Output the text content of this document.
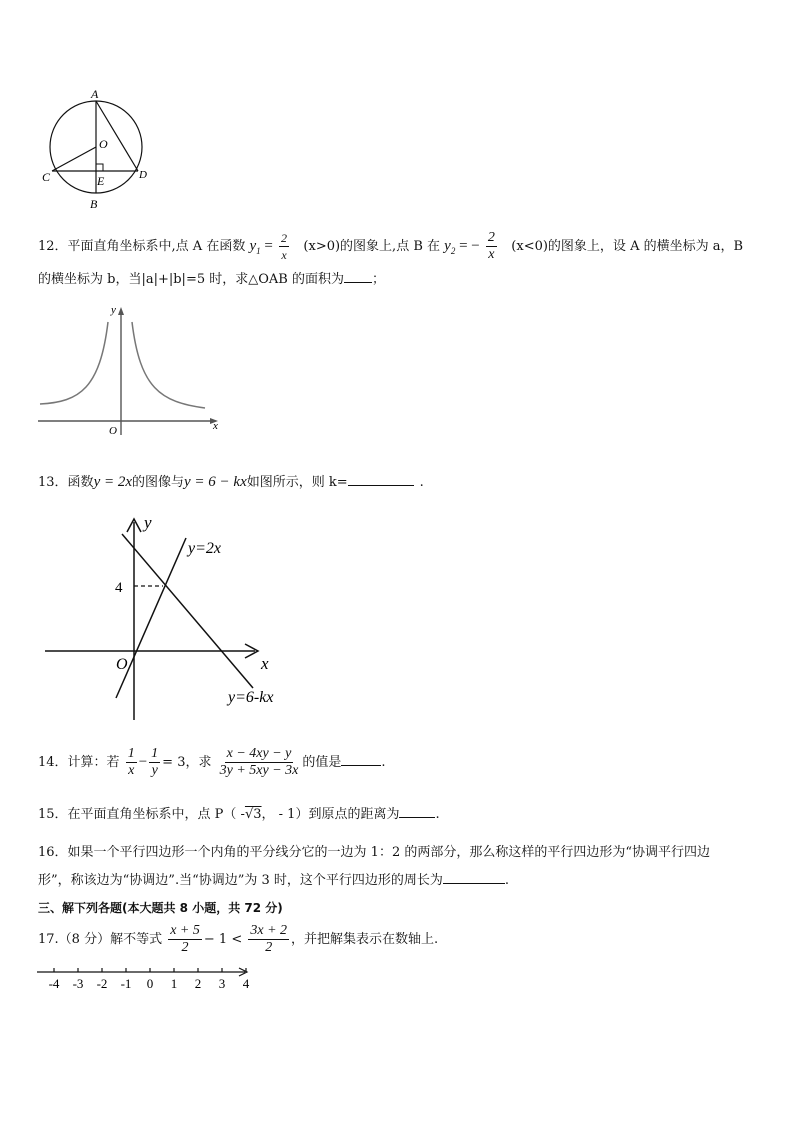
A
O
C	D
E
B
12．平面直角坐标系中,点 A 在函数 $y_1 = \frac{2}{x} (x>0)$的图象上,点 B 在 $y_2$ = − $\frac{2}{x} (x<0)$的图象上，设 A 的横坐标为 a，B
的横坐标为 b，当|a|+|b|=5 时，求△OAB 的面积为 ；
y
x
O
13．函数y = 2x的图像与y = 6 − kx如图所示，则 k=	.
y
x
O
4
y=2x
y=6-kx
14．计算：若 $\frac{1}{x} - \frac{1}{y} = 3$，求 $\frac{x - 4xy - y}{3y + 5xy - 3x}$ 的值是	.
15．在平面直角坐标系中，点 P（ -√3， - 1）到原点的距离为	.
16．如果一个平行四边形一个内角的平分线分它的一边为 1：2 的两部分，那么称这样的平行四边形为“协调平行四边
形”，称该边为“协调边”.当“协调边”为 3 时，这个平行四边形的周长为	.
三、解下列各题(本大题共 8 小题，共 72 分)
17.（8 分）解不等式 $\frac{x + 5}{2} - 1 < \frac{3x + 2}{2}$ ，并把解集表示在数轴上.
-4 -3 -2 -1 0 1 2 3 4
